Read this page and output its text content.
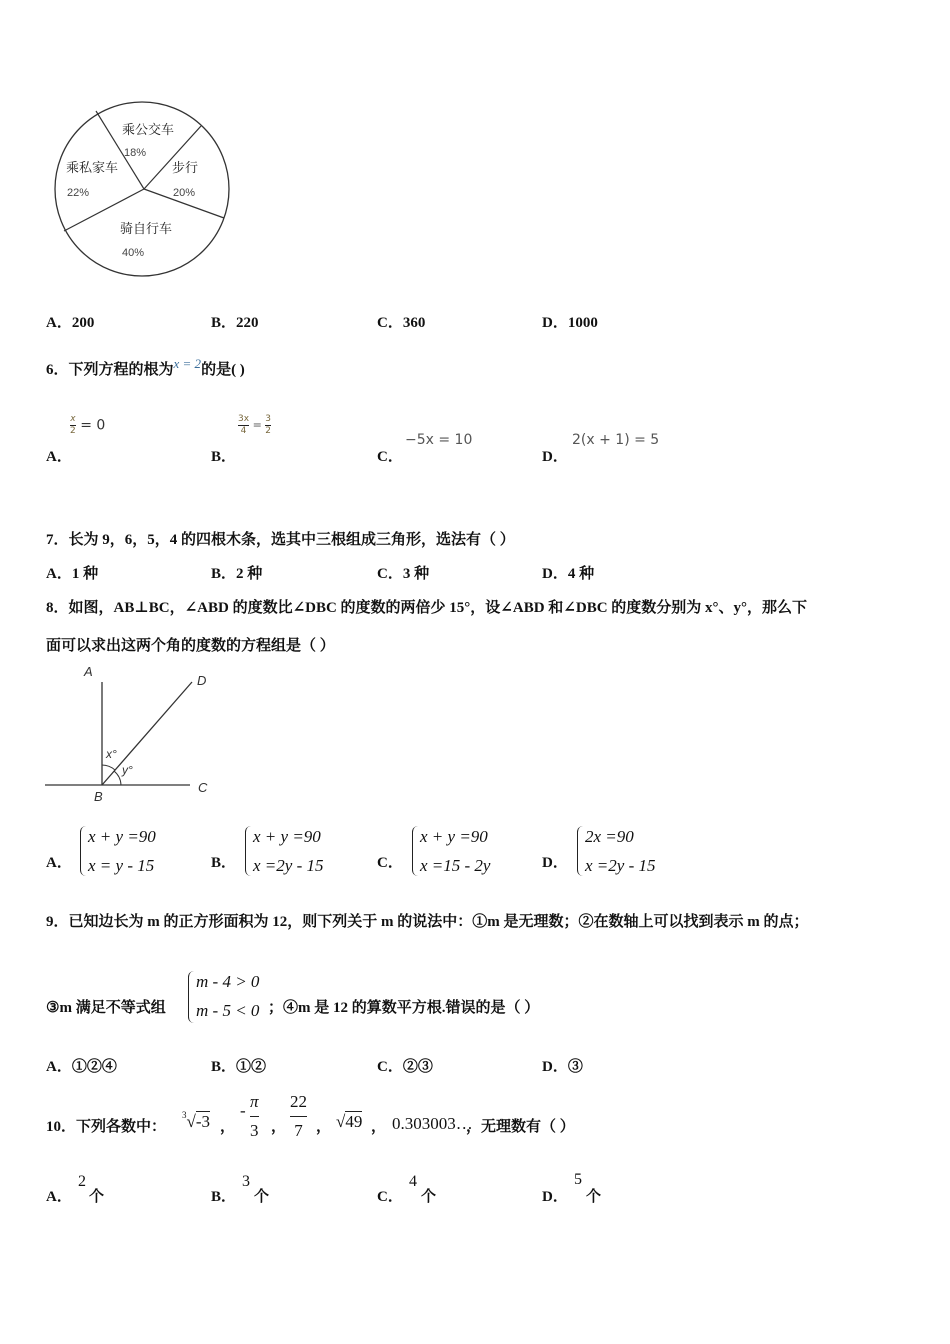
乘公交车
18%
步行
20%
骑自行车
40%
乘私家车
22%
A．200	B．220	C．360	D．1000
6．下列方程的根为x = 2的是( )
A．
$\frac{x}{2} = 0$
B．
$\frac{3x}{4} = \frac{3}{2}$
C．
−5x = 10
D．
2(x + 1) = 5
7．长为 9，6，5，4 的四根木条，选其中三根组成三角形，选法有（ ）
A．1 种	B．2 种	C．3 种	D．4 种
8．如图，AB⊥BC，∠ABD 的度数比∠DBC 的度数的两倍少 15°，设∠ABD 和∠DBC 的度数分别为 x°、y°，那么下
面可以求出这两个角的度数的方程组是（ ）
A
D
B
C
x°
y°
A．
x + y =90
x = y - 15	B．
x + y =90
x =2y - 15	C．
x + y =90
x =15 - 2y	D．
2x =90
x =2y - 15
9．已知边长为 m 的正方形面积为 12，则下列关于 m 的说法中：①m 是无理数；②在数轴上可以找到表示 m 的点；
③m 满足不等式组
m - 4 > 0
m - 5 < 0 ；④m 是 12 的算数平方根.错误的是（ ）
A．①②④	B．①②	C．②③	D．③
10．下列各数中：
$^3$√-3 ，
- $\frac{\pi}{3}$ ， $\frac{22}{7}$ ， √49 ， 0.303003…
，无理数有（ ）
A．
2
个	B．
3
个	C．
4
个	D．
5
个
